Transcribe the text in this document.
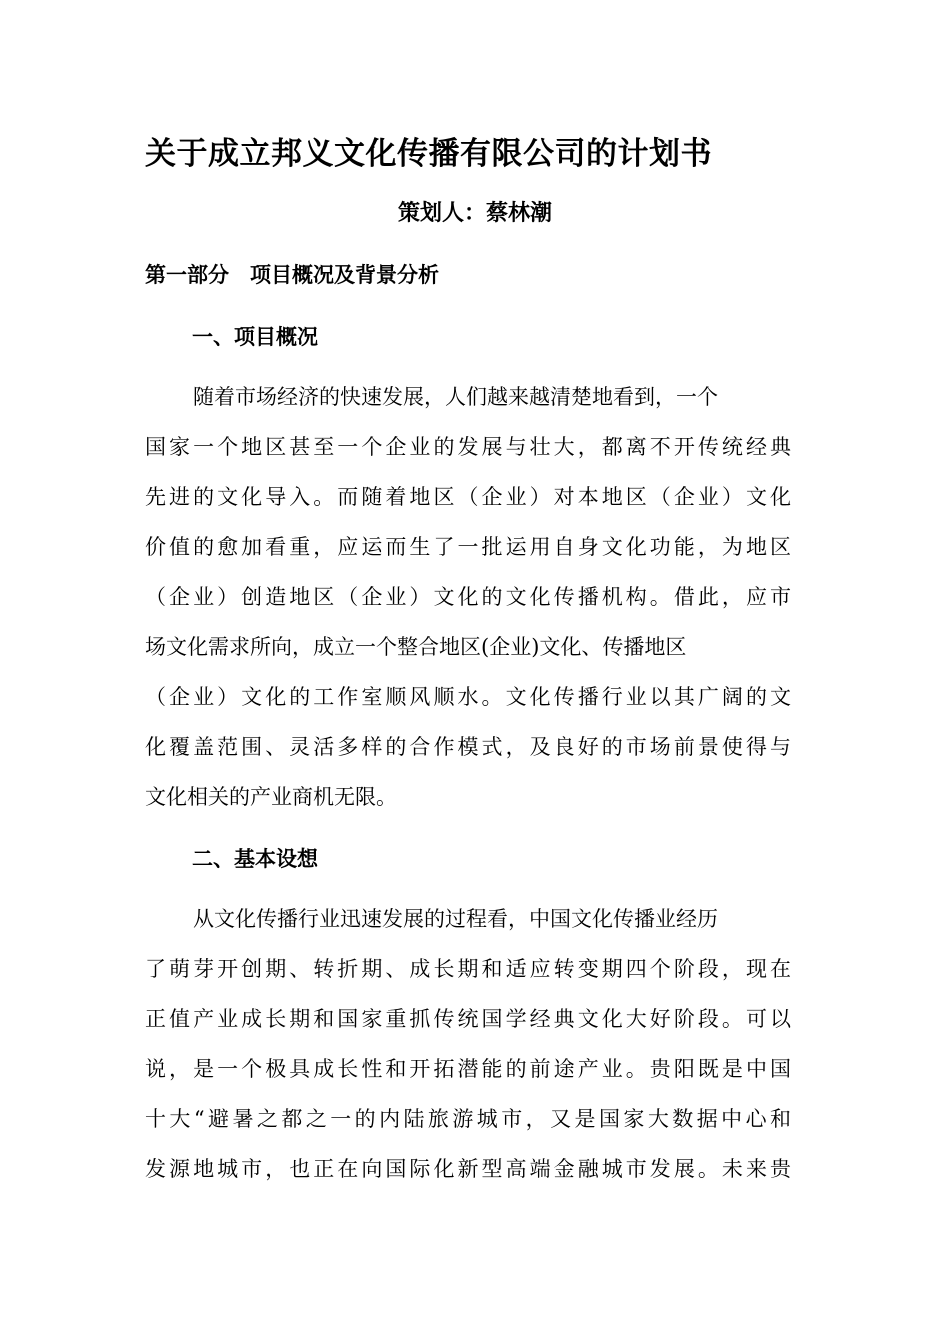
关于成立邦义文化传播有限公司的计划书
策划人：蔡林潮
第一部分　项目概况及背景分析
一、项目概况
随着市场经济的快速发展，人们越来越清楚地看到，一个
国家一个地区甚至一个企业的发展与壮大，都离不开传统经典
先进的文化导入。而随着地区（企业）对本地区（企业）文化
价值的愈加看重，应运而生了一批运用自身文化功能，为地区
（企业）创造地区（企业）文化的文化传播机构。借此，应市
场文化需求所向，成立一个整合地区(企业)文化、传播地区
（企业）文化的工作室顺风顺水。文化传播行业以其广阔的文
化覆盖范围、灵活多样的合作模式，及良好的市场前景使得与
文化相关的产业商机无限。
二、基本设想
从文化传播行业迅速发展的过程看，中国文化传播业经历
了萌芽开创期、转折期、成长期和适应转变期四个阶段，现在
正值产业成长期和国家重抓传统国学经典文化大好阶段。可以
说，是一个极具成长性和开拓潜能的前途产业。贵阳既是中国
十大“避暑之都之一的内陆旅游城市，又是国家大数据中心和
发源地城市，也正在向国际化新型高端金融城市发展。未来贵
